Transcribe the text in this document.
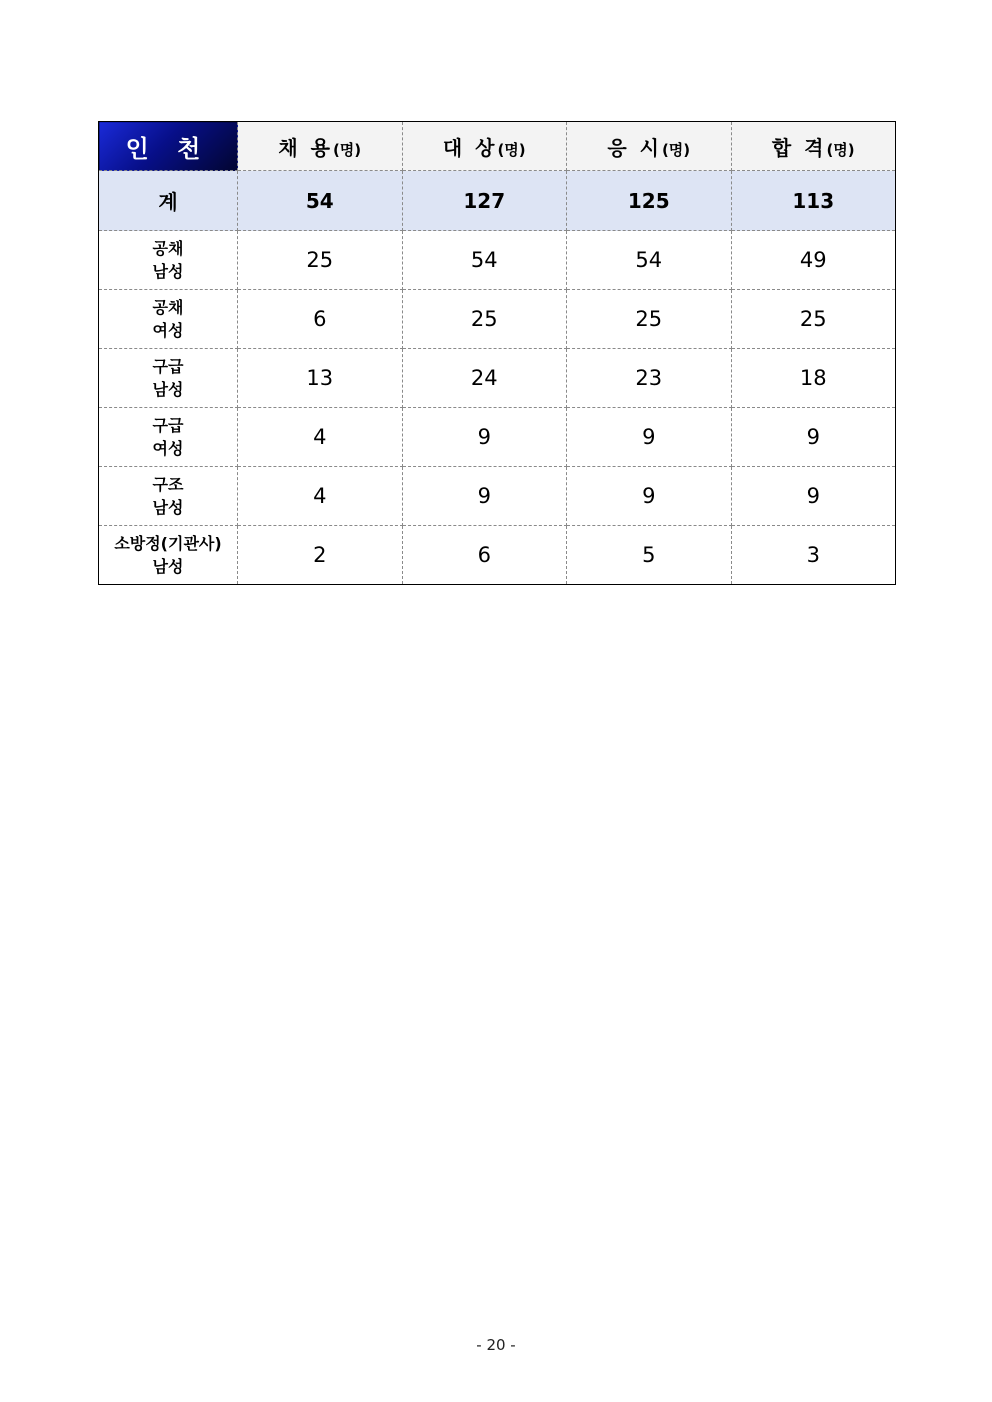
인 천	채 용(명)	대 상(명)	응 시(명)	합 격(명)
계	54	127	125	113

공채
남성	25	54	54	49

공채
여성	6	25	25	25

구급
남성	13	24	23	18

구급
여성	4	9	9	9

구조
남성	4	9	9	9

소방정(기관사)
남성	2	6	5	3
- 20 -
